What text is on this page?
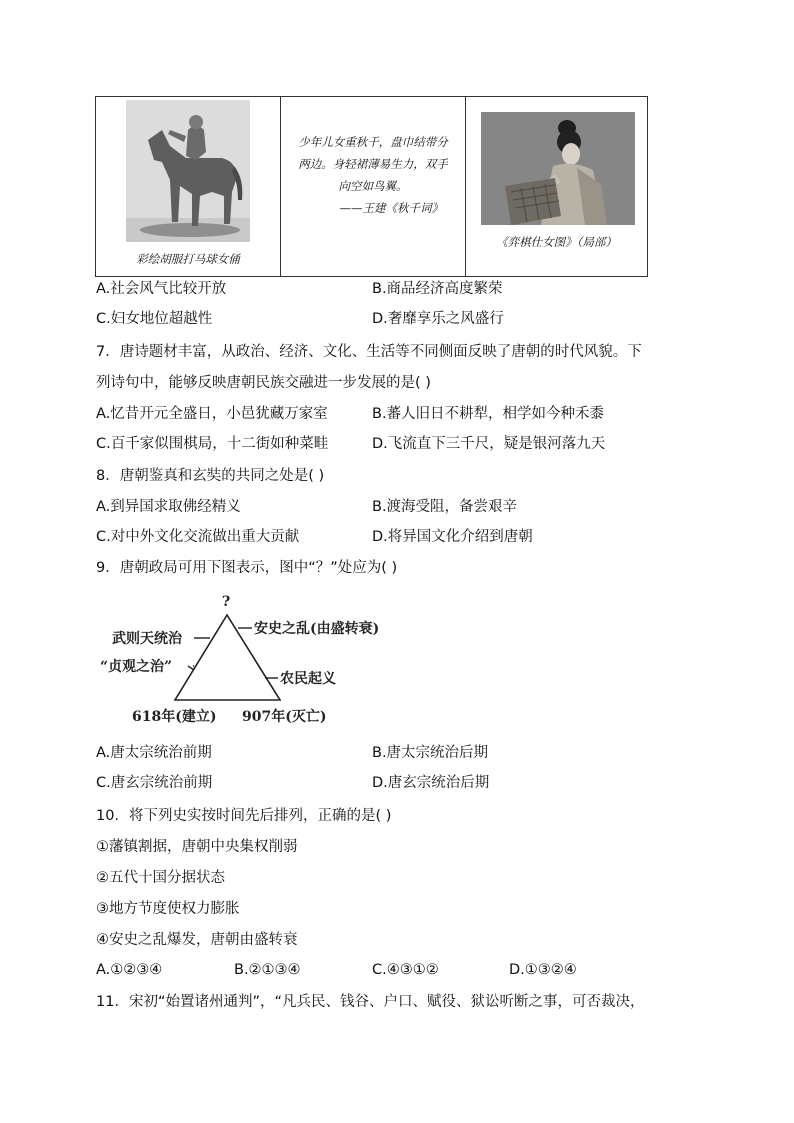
彩绘胡服打马球女俑
少年儿女重秋千，盘巾结带分
两边。身轻裙薄易生力，双手
向空如鸟翼。
——王建《秋千词》
《弈棋仕女图》（局部）
A.社会风气比较开放	B.商品经济高度繁荣
C.妇女地位超越性	D.奢靡享乐之风盛行
7．唐诗题材丰富，从政治、经济、文化、生活等不同侧面反映了唐朝的时代风貌。下
列诗句中，能够反映唐朝民族交融进一步发展的是( )
A.忆昔开元全盛日，小邑犹藏万家室	B.蕃人旧日不耕犁，相学如今种禾黍
C.百千家似围棋局，十二街如种菜畦	D.飞流直下三千尺，疑是银河落九天
8．唐朝鉴真和玄奘的共同之处是( )
A.到异国求取佛经精义	B.渡海受阻，备尝艰辛
C.对中外文化交流做出重大贡献	D.将异国文化介绍到唐朝
9．唐朝政局可用下图表示，图中“？”处应为( )
?
武则天统治
“贞观之治”
安史之乱(由盛转衰)
农民起义
618年(建立) 907年(灭亡)
A.唐太宗统治前期	B.唐太宗统治后期
C.唐玄宗统治前期	D.唐玄宗统治后期
10．将下列史实按时间先后排列，正确的是( )
①藩镇割据，唐朝中央集权削弱
②五代十国分据状态
③地方节度使权力膨胀
④安史之乱爆发，唐朝由盛转衰
A.①②③④	B.②①③④	C.④③①②	D.①③②④
11．宋初“始置诸州通判”，“凡兵民、钱谷、户口、赋役、狱讼听断之事，可否裁决，
